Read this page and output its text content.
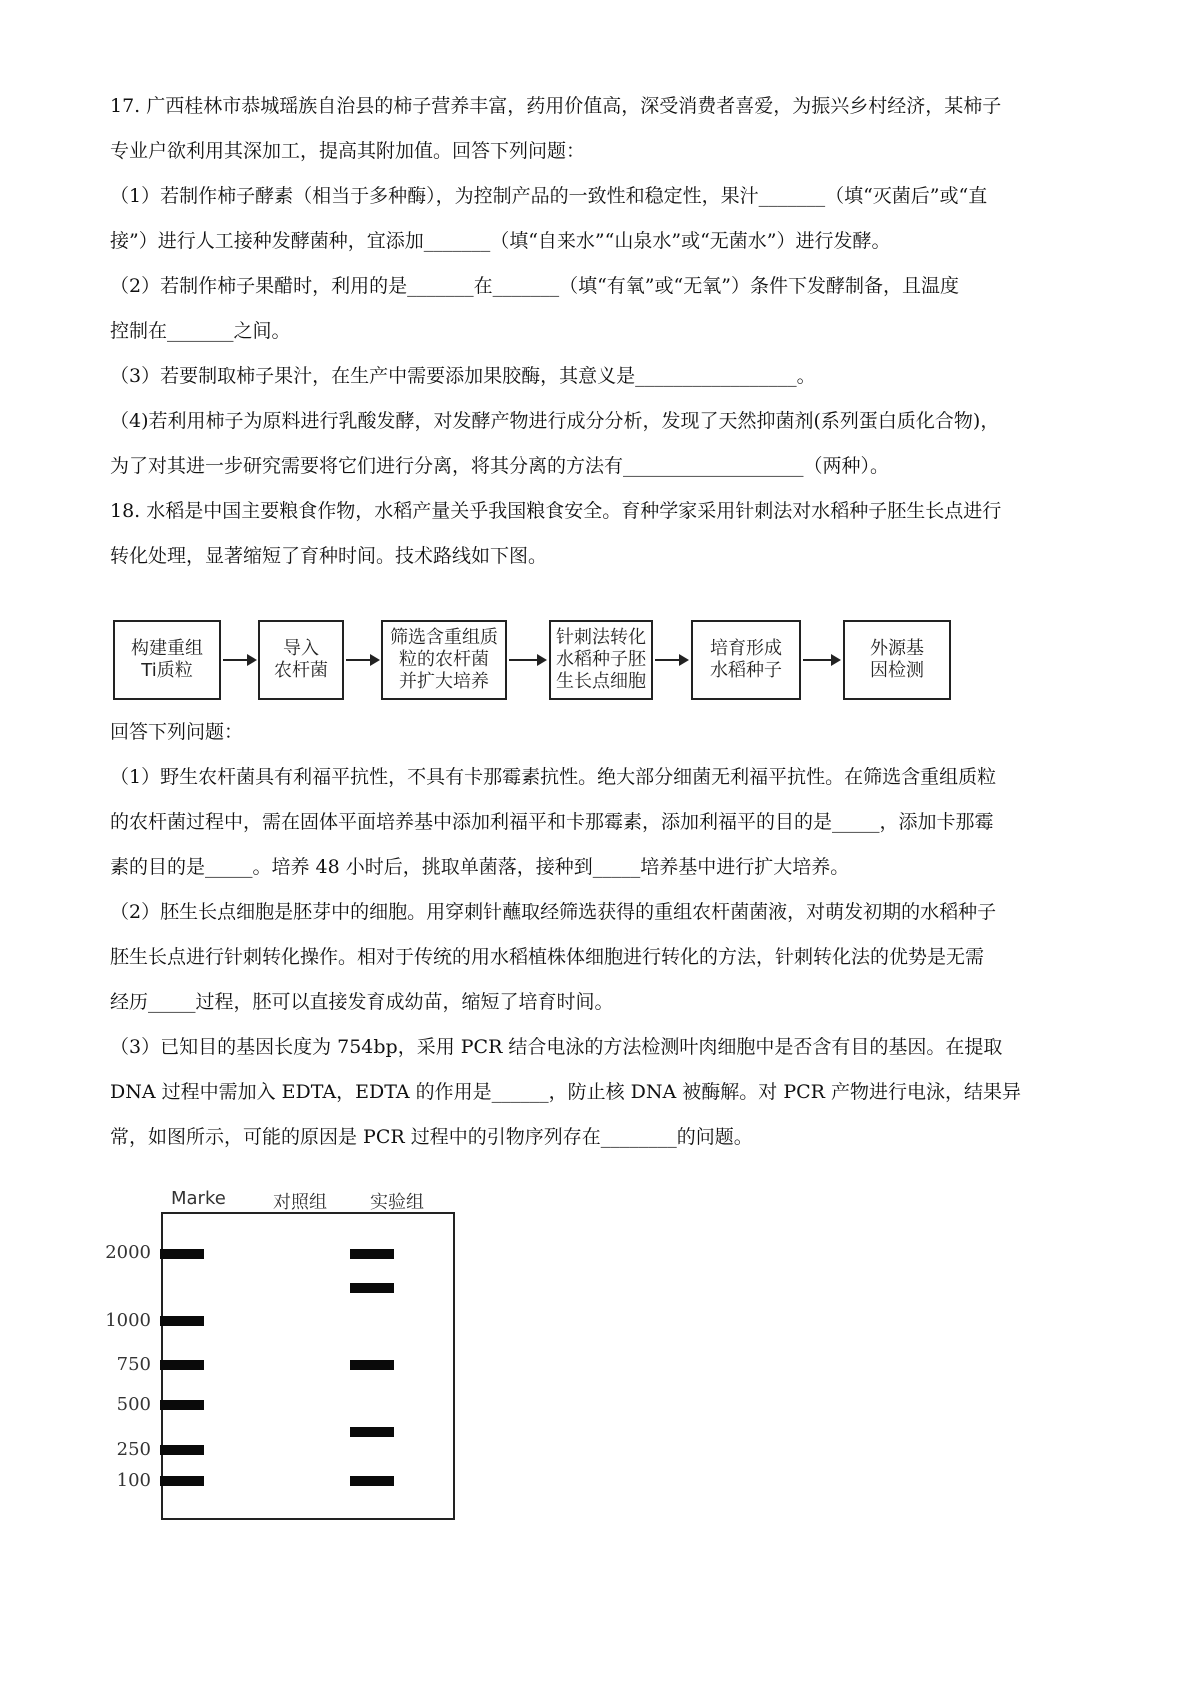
17. 广西桂林市恭城瑶族自治县的柿子营养丰富，药用价值高，深受消费者喜爱，为振兴乡村经济，某柿子
专业户欲利用其深加工，提高其附加值。回答下列问题：
（1）若制作柿子酵素（相当于多种酶），为控制产品的一致性和稳定性，果汁_______（填“灭菌后”或“直
接”）进行人工接种发酵菌种，宜添加_______（填“自来水”“山泉水”或“无菌水”）进行发酵。
（2）若制作柿子果醋时，利用的是_______在_______（填“有氧”或“无氧”）条件下发酵制备，且温度
控制在_______之间。
（3）若要制取柿子果汁，在生产中需要添加果胶酶，其意义是_________________。
（4)若利用柿子为原料进行乳酸发酵，对发酵产物进行成分分析，发现了天然抑菌剂(系列蛋白质化合物)，
为了对其进一步研究需要将它们进行分离，将其分离的方法有___________________（两种）。
18. 水稻是中国主要粮食作物，水稻产量关乎我国粮食安全。育种学家采用针刺法对水稻种子胚生长点进行
转化处理，显著缩短了育种时间。技术路线如下图。
构建重组
Ti质粒
导入
农杆菌
筛选含重组质
粒的农杆菌
并扩大培养
针刺法转化
水稻种子胚
生长点细胞
培育形成
水稻种子
外源基
因检测
回答下列问题：
（1）野生农杆菌具有利福平抗性，不具有卡那霉素抗性。绝大部分细菌无利福平抗性。在筛选含重组质粒
的农杆菌过程中，需在固体平面培养基中添加利福平和卡那霉素，添加利福平的目的是_____，添加卡那霉
素的目的是_____。培养 48 小时后，挑取单菌落，接种到_____培养基中进行扩大培养。
（2）胚生长点细胞是胚芽中的细胞。用穿刺针蘸取经筛选获得的重组农杆菌菌液，对萌发初期的水稻种子
胚生长点进行针刺转化操作。相对于传统的用水稻植株体细胞进行转化的方法，针刺转化法的优势是无需
经历_____过程，胚可以直接发育成幼苗，缩短了培育时间。
（3）已知目的基因长度为 754bp，采用 PCR 结合电泳的方法检测叶肉细胞中是否含有目的基因。在提取
DNA 过程中需加入 EDTA，EDTA 的作用是______，防止核 DNA 被酶解。对 PCR 产物进行电泳，结果异
常，如图所示，可能的原因是 PCR 过程中的引物序列存在________的问题。
Marke	对照组 实验组
2000
1000
750
500
250
100
